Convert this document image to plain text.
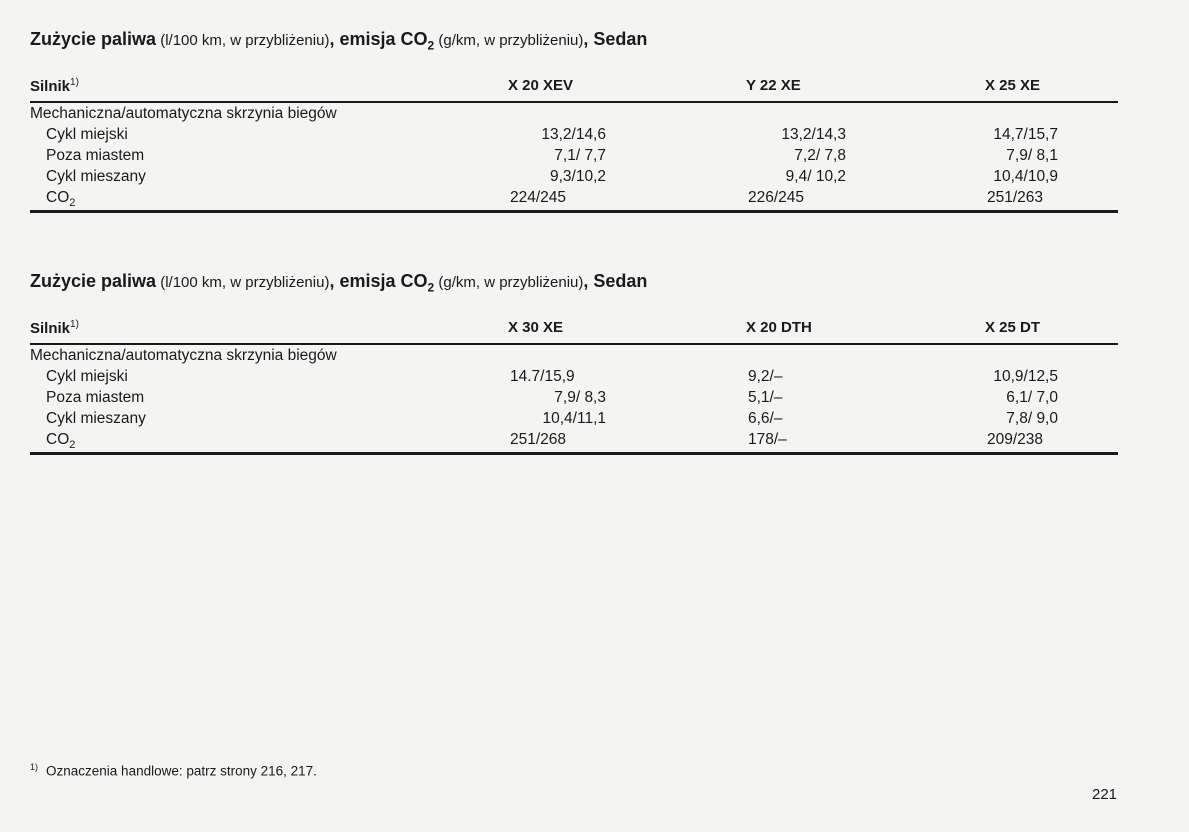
Zużycie paliwa (l/100 km, w przybliżeniu), emisja $CO_2$ (g/km, w przybliżeniu), Sedan
Silnik$^{1)}$	X 20 XEV	Y 22 XE	X 25 XE
Mechaniczna/automatyczna skrzynia biegów
Cykl miejski	13,2/14,6	13,2/14,3	14,7/15,7
Poza miastem	7,1/ 7,7	7,2/ 7,8	7,9/ 8,1
Cykl mieszany	9,3/10,2	9,4/ 10,2	10,4/10,9
$CO_2$	224/245	226/245	251/263
Zużycie paliwa (l/100 km, w przybliżeniu), emisja $CO_2$ (g/km, w przybliżeniu), Sedan
Silnik$^{1)}$	X 30 XE	X 20 DTH	X 25 DT
Mechaniczna/automatyczna skrzynia biegów
Cykl miejski	14.7/15,9	9,2/–	10,9/12,5
Poza miastem	7,9/ 8,3	5,1/–	6,1/ 7,0
Cykl mieszany	10,4/11,1	6,6/–	7,8/ 9,0
$CO_2$	251/268	178/–	209/238
$^{1)}$ Oznaczenia handlowe: patrz strony 216, 217.
221
